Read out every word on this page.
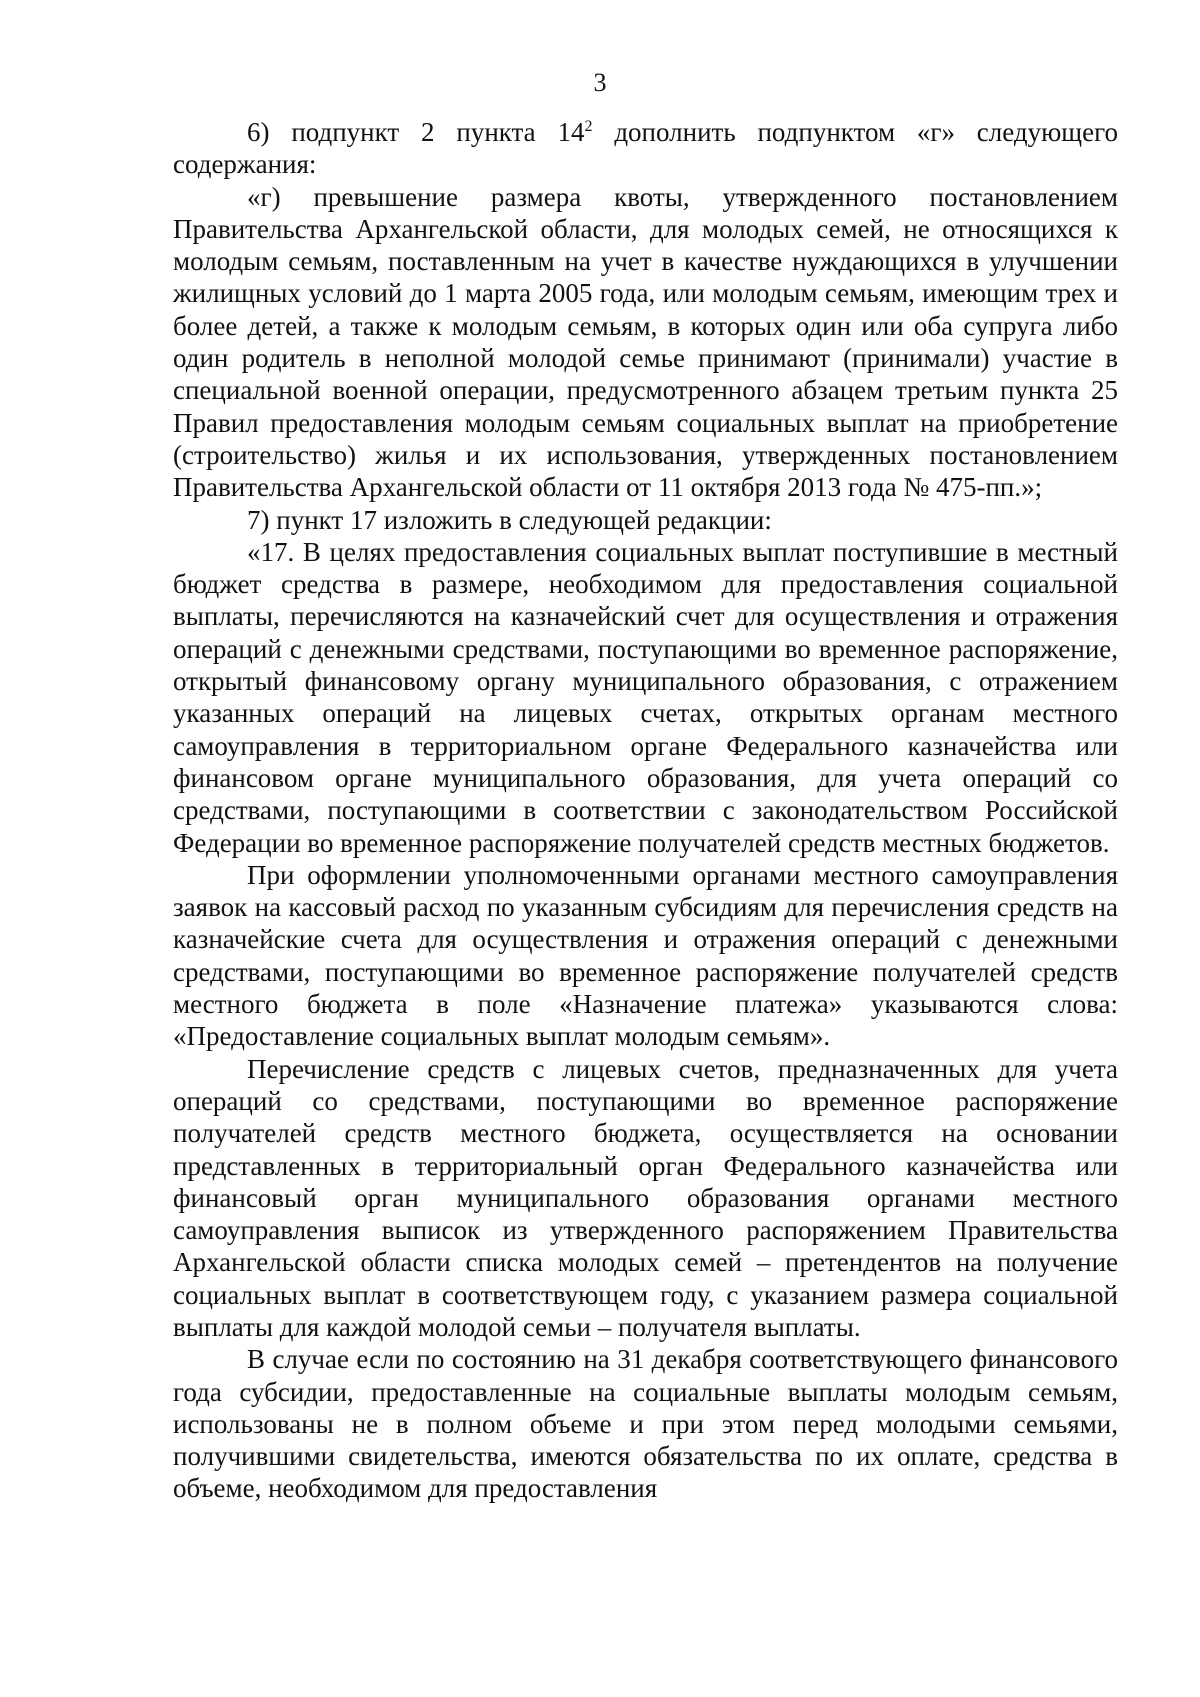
3

6) подпункт 2 пункта $14^2$ дополнить подпунктом «г» следующего содержания:

«г) превышение размера квоты, утвержденного постановлением Правительства Архангельской области, для молодых семей, не относящихся к молодым семьям, поставленным на учет в качестве нуждающихся в улучшении жилищных условий до 1 марта 2005 года, или молодым семьям, имеющим трех и более детей, а также к молодым семьям, в которых один или оба супруга либо один родитель в неполной молодой семье принимают (принимали) участие в специальной военной операции, предусмотренного абзацем третьим пункта 25 Правил предоставления молодым семьям социальных выплат на приобретение (строительство) жилья и их использования, утвержденных постановлением Правительства Архангельской области от 11 октября 2013 года № 475-пп.»;

7) пункт 17 изложить в следующей редакции:

«17. В целях предоставления социальных выплат поступившие в местный бюджет средства в размере, необходимом для предоставления социальной выплаты, перечисляются на казначейский счет для осуществления и отражения операций с денежными средствами, поступающими во временное распоряжение, открытый финансовому органу муниципального образования, с отражением указанных операций на лицевых счетах, открытых органам местного самоуправления в территориальном органе Федерального казначейства или финансовом органе муниципального образования, для учета операций со средствами, поступающими в соответствии с законодательством Российской Федерации во временное распоряжение получателей средств местных бюджетов.

При оформлении уполномоченными органами местного самоуправления заявок на кассовый расход по указанным субсидиям для перечисления средств на казначейские счета для осуществления и отражения операций с денежными средствами, поступающими во временное распоряжение получателей средств местного бюджета в поле «Назначение платежа» указываются слова: «Предоставление социальных выплат молодым семьям».

Перечисление средств с лицевых счетов, предназначенных для учета операций со средствами, поступающими во временное распоряжение получателей средств местного бюджета, осуществляется на основании представленных в территориальный орган Федерального казначейства или финансовый орган муниципального образования органами местного самоуправления выписок из утвержденного распоряжением Правительства Архангельской области списка молодых семей – претендентов на получение социальных выплат в соответствующем году, с указанием размера социальной выплаты для каждой молодой семьи – получателя выплаты.

В случае если по состоянию на 31 декабря соответствующего финансового года субсидии, предоставленные на социальные выплаты молодым семьям, использованы не в полном объеме и при этом перед молодыми семьями, получившими свидетельства, имеются обязательства по их оплате, средства в объеме, необходимом для предоставления
